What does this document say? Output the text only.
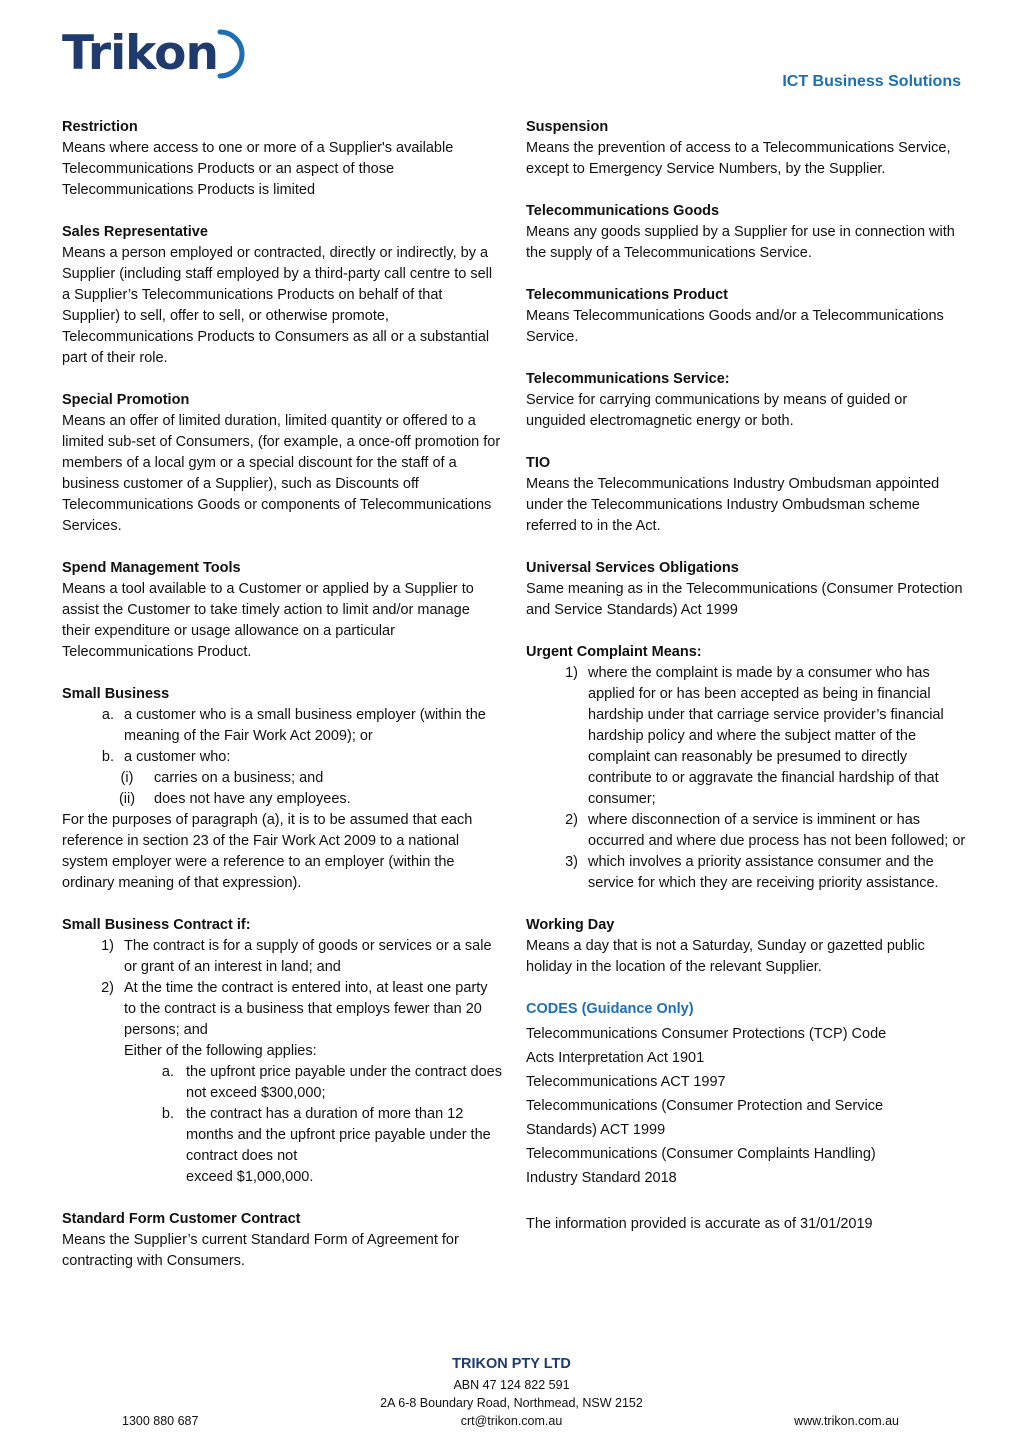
Trikon
ICT Business Solutions
Restriction
Means where access to one or more of a Supplier's available Telecommunications Products or an aspect of those Telecommunications Products is limited
Sales Representative
Means a person employed or contracted, directly or indirectly, by a Supplier (including staff employed by a third-party call centre to sell a Supplier’s Telecommunications Products on behalf of that Supplier) to sell, offer to sell, or otherwise promote, Telecommunications Products to Consumers as all or a substantial part of their role.
Special Promotion
Means an offer of limited duration, limited quantity or offered to a limited sub-set of Consumers, (for example, a once-off promotion for members of a local gym or a special discount for the staff of a business customer of a Supplier), such as Discounts off Telecommunications Goods or components of Telecommunications Services.
Spend Management Tools
Means a tool available to a Customer or applied by a Supplier to assist the Customer to take timely action to limit and/or manage their expenditure or usage allowance on a particular Telecommunications Product.
Small Business
a. a customer who is a small business employer (within the meaning of the Fair Work Act 2009); or
b. a customer who:
(i)	carries on a business; and
(ii)	does not have any employees.
For the purposes of paragraph (a), it is to be assumed that each reference in section 23 of the Fair Work Act 2009 to a national system employer were a reference to an employer (within the ordinary meaning of that expression).
Small Business Contract if:
1) The contract is for a supply of goods or services or a sale or grant of an interest in land; and
2) At the time the contract is entered into, at least one party to the contract is a business that employs fewer than 20 persons; and
Either of the following applies:
a. the upfront price payable under the contract does not exceed $300,000;
b. the contract has a duration of more than 12 months and the upfront price payable under the contract does not
exceed $1,000,000.
Standard Form Customer Contract
Means the Supplier’s current Standard Form of Agreement for contracting with Consumers.
Suspension
Means the prevention of access to a Telecommunications Service, except to Emergency Service Numbers, by the Supplier.
Telecommunications Goods
Means any goods supplied by a Supplier for use in connection with the supply of a Telecommunications Service.
Telecommunications Product
Means Telecommunications Goods and/or a Telecommunications Service.
Telecommunications Service:
Service for carrying communications by means of guided or unguided electromagnetic energy or both.
TIO
Means the Telecommunications Industry Ombudsman appointed under the Telecommunications Industry Ombudsman scheme referred to in the Act.
Universal Services Obligations
Same meaning as in the Telecommunications (Consumer Protection and Service Standards) Act 1999
Urgent Complaint Means:
1) where the complaint is made by a consumer who has applied for or has been accepted as being in financial hardship under that carriage service provider’s financial hardship policy and where the subject matter of the complaint can reasonably be presumed to directly contribute to or aggravate the financial hardship of that consumer;
2) where disconnection of a service is imminent or has occurred and where due process has not been followed; or
3) which involves a priority assistance consumer and the service for which they are receiving priority assistance.
Working Day
Means a day that is not a Saturday, Sunday or gazetted public holiday in the location of the relevant Supplier.
CODES (Guidance Only)
Telecommunications Consumer Protections (TCP) Code
Acts Interpretation Act 1901
Telecommunications ACT 1997
Telecommunications (Consumer Protection and Service
Standards) ACT 1999
Telecommunications (Consumer Complaints Handling)
Industry Standard 2018
The information provided is accurate as of 31/01/2019
TRIKON PTY LTD
ABN 47 124 822 591
2A 6-8 Boundary Road, Northmead, NSW 2152
crt@trikon.com.au
1300 880 687	www.trikon.com.au
